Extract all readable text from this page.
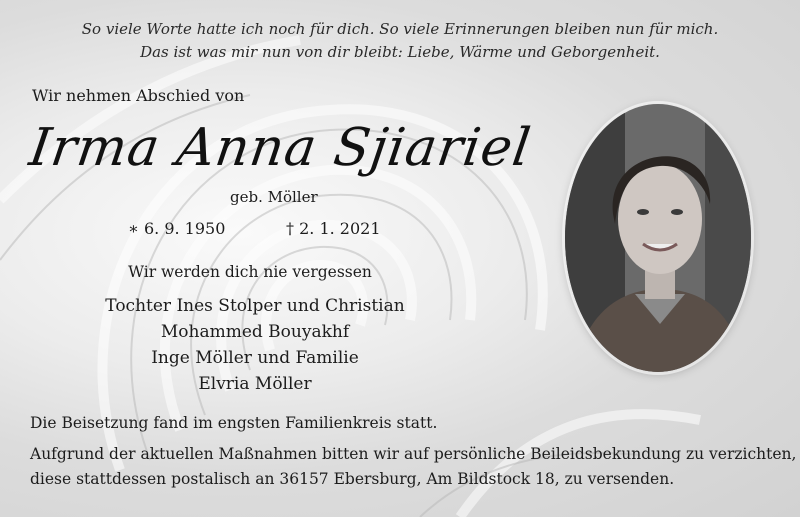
So viele Worte hatte ich noch für dich. So viele Erinnerungen bleiben nun für mich.
Das ist was mir nun von dir bleibt: Liebe, Wärme und Geborgenheit.
Wir nehmen Abschied von
Irma Anna Sjiariel
geb. Möller
∗ 6. 9. 1950	† 2. 1. 2021
Wir werden dich nie vergessen
Tochter Ines Stolper und Christian
Mohammed Bouyakhf
Inge Möller und Familie
Elvria Möller
Die Beisetzung fand im engsten Familienkreis statt.
Aufgrund der aktuellen Maßnahmen bitten wir auf persönliche Beileidsbekundung zu verzichten,
diese stattdessen postalisch an 36157 Ebersburg, Am Bildstock 18, zu versenden.
